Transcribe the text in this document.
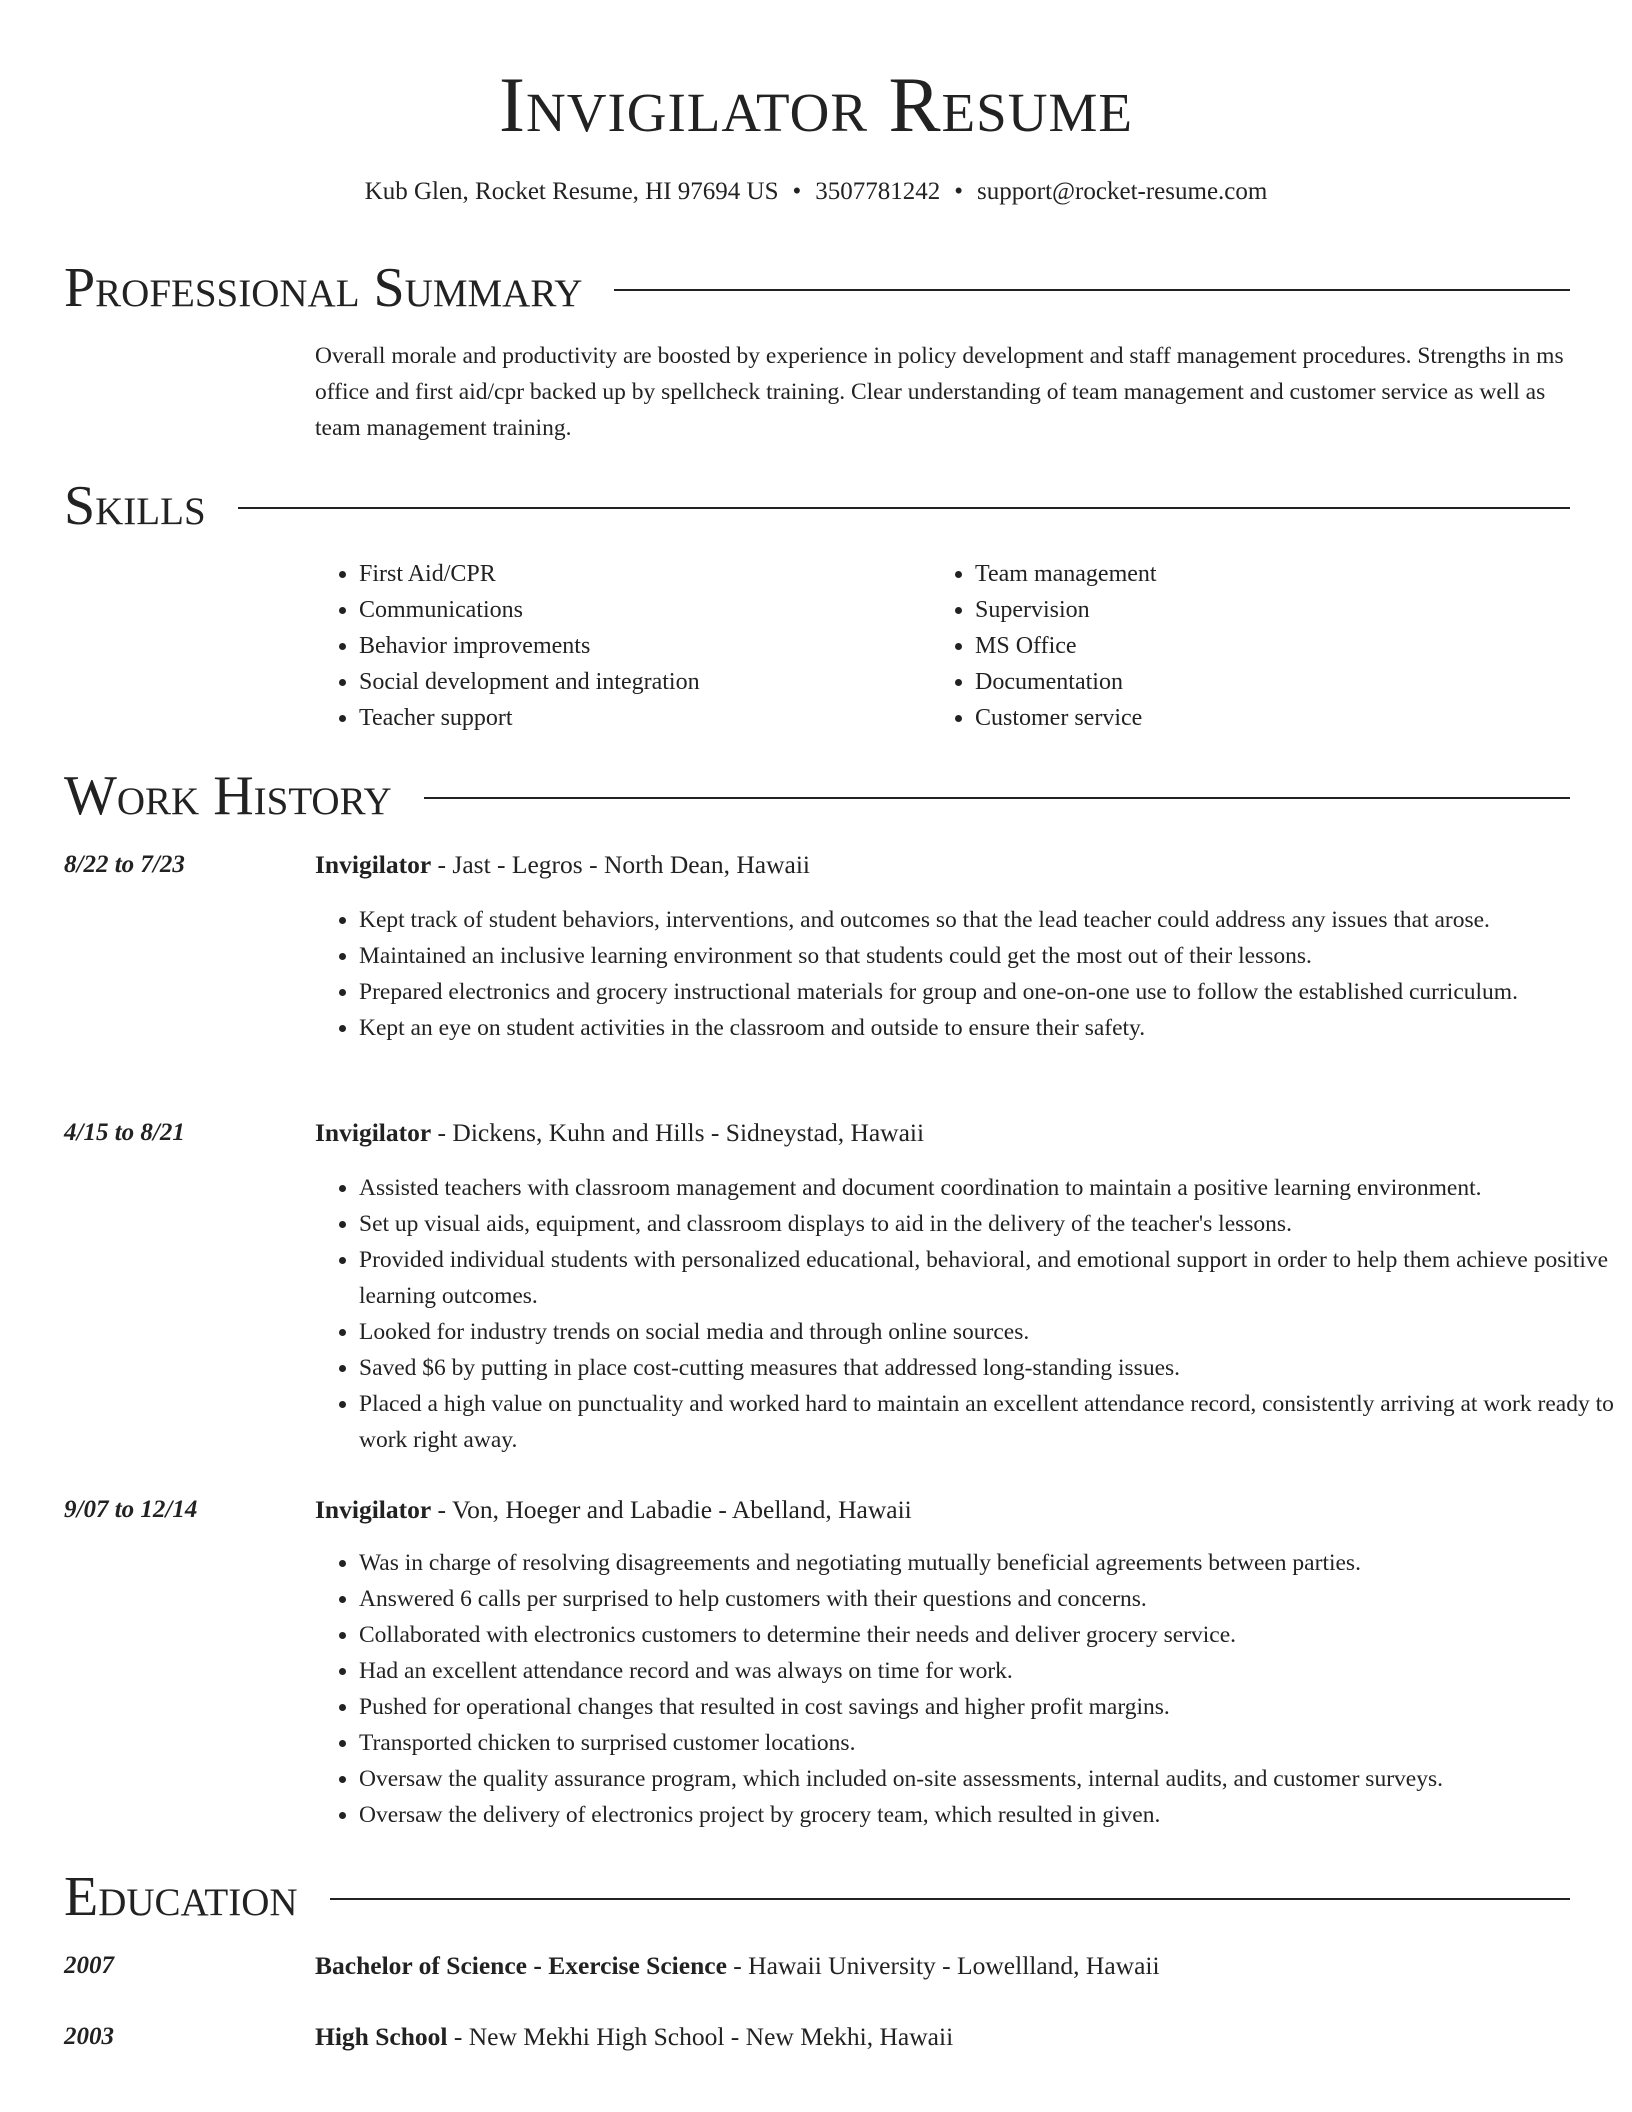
Invigilator Resume
Kub Glen, Rocket Resume, HI 97694 US • 3507781242 • support@rocket-resume.com
Professional Summary
Overall morale and productivity are boosted by experience in policy development and staff management procedures. Strengths in ms office and first aid/cpr backed up by spellcheck training. Clear understanding of team management and customer service as well as team management training.
Skills
• First Aid/CPR
• Communications
• Behavior improvements
• Social development and integration
• Teacher support
• Team management
• Supervision
• MS Office
• Documentation
• Customer service
Work History
8/22 to 7/23	Invigilator - Jast - Legros - North Dean, Hawaii
• Kept track of student behaviors, interventions, and outcomes so that the lead teacher could address any issues that arose.
• Maintained an inclusive learning environment so that students could get the most out of their lessons.
• Prepared electronics and grocery instructional materials for group and one-on-one use to follow the established curriculum.
• Kept an eye on student activities in the classroom and outside to ensure their safety.
4/15 to 8/21	Invigilator - Dickens, Kuhn and Hills - Sidneystad, Hawaii
• Assisted teachers with classroom management and document coordination to maintain a positive learning environment.
• Set up visual aids, equipment, and classroom displays to aid in the delivery of the teacher's lessons.
• Provided individual students with personalized educational, behavioral, and emotional support in order to help them achieve positive learning outcomes.
• Looked for industry trends on social media and through online sources.
• Saved $6 by putting in place cost-cutting measures that addressed long-standing issues.
• Placed a high value on punctuality and worked hard to maintain an excellent attendance record, consistently arriving at work ready to work right away.
9/07 to 12/14	Invigilator - Von, Hoeger and Labadie - Abelland, Hawaii
• Was in charge of resolving disagreements and negotiating mutually beneficial agreements between parties.
• Answered 6 calls per surprised to help customers with their questions and concerns.
• Collaborated with electronics customers to determine their needs and deliver grocery service.
• Had an excellent attendance record and was always on time for work.
• Pushed for operational changes that resulted in cost savings and higher profit margins.
• Transported chicken to surprised customer locations.
• Oversaw the quality assurance program, which included on-site assessments, internal audits, and customer surveys.
• Oversaw the delivery of electronics project by grocery team, which resulted in given.
Education
2007	Bachelor of Science - Exercise Science - Hawaii University - Lowellland, Hawaii
2003	High School - New Mekhi High School - New Mekhi, Hawaii
